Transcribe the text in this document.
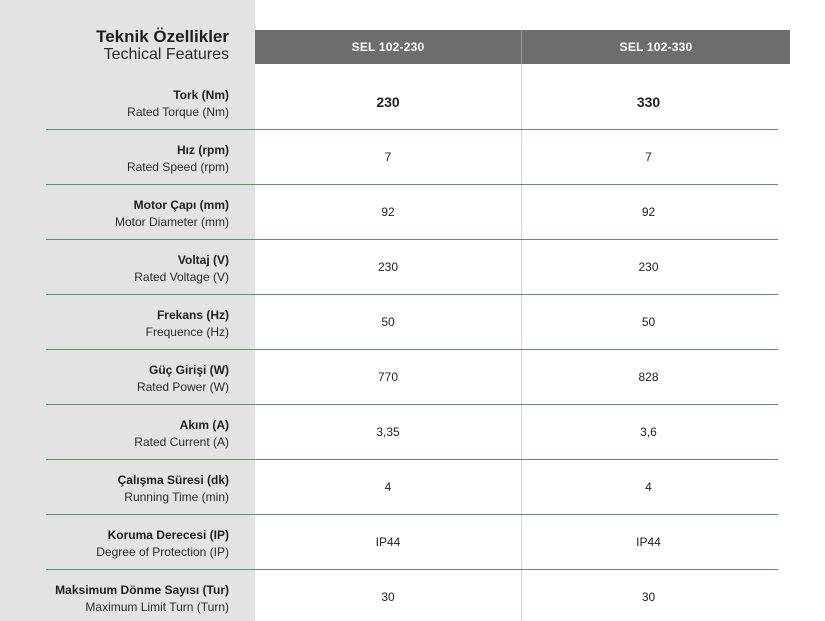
Teknik Özellikler
Techical Features	SEL 102-230	SEL 102-330
Tork (Nm)
Rated Torque (Nm)
230	330
Hız (rpm)
Rated Speed (rpm)
7	7
Motor Çapı (mm)
Motor Diameter (mm)
92	92
Voltaj (V)
Rated Voltage (V)
230	230
Frekans (Hz)
Frequence (Hz)
50	50
Güç Girişi (W)
Rated Power (W)
770	828
Akım (A)
Rated Current (A)
3,35	3,6
Çalışma Süresi (dk)
Running Time (min)
4	4
Koruma Derecesi (IP)
Degree of Protection (IP)
IP44	IP44
Maksimum Dönme Sayısı (Tur)
Maximum Limit Turn (Turn)
30	30
